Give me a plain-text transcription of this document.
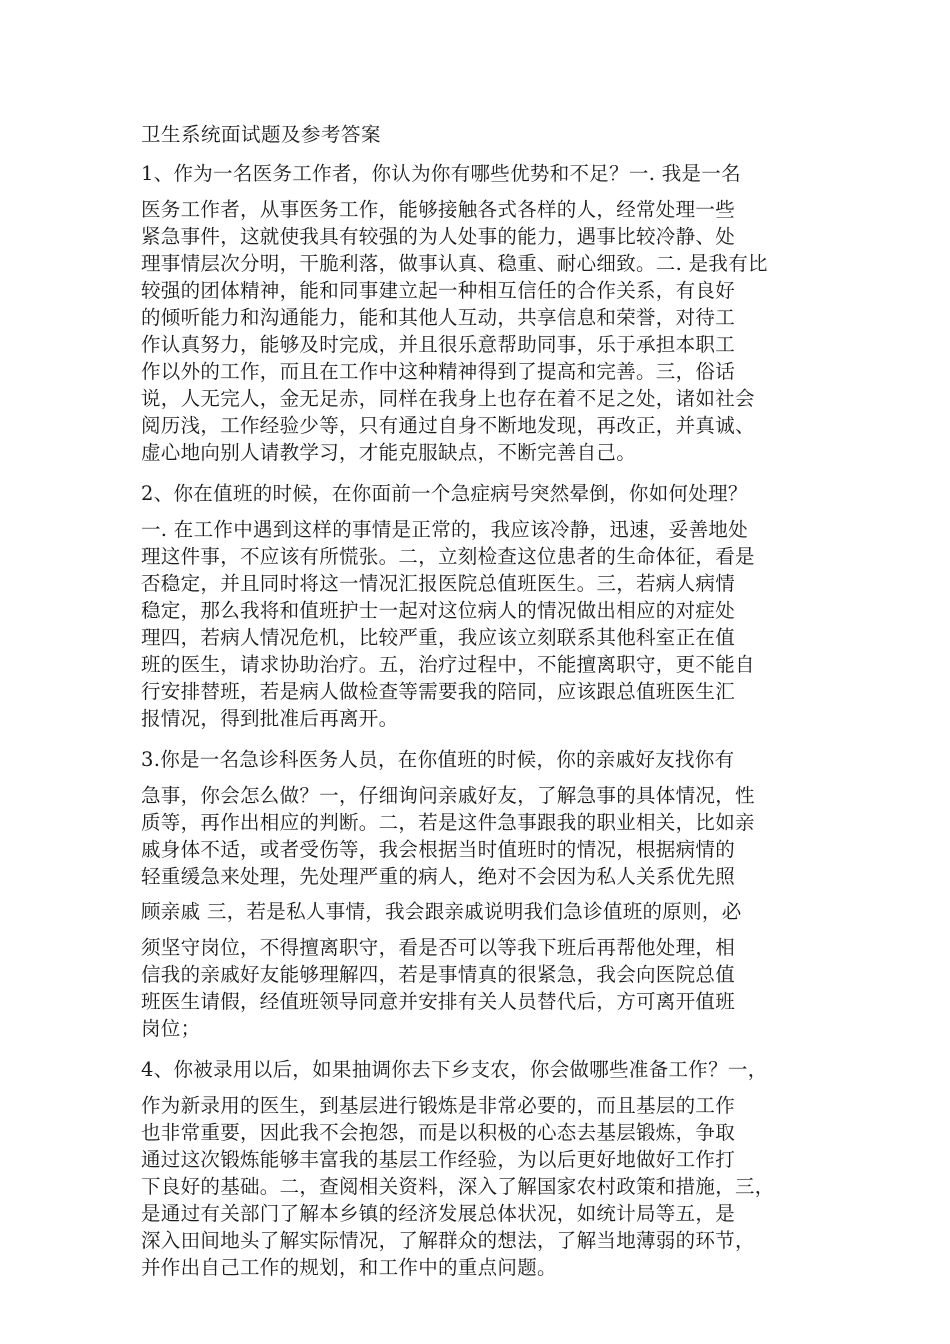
卫生系统面试题及参考答案
1、作为一名医务工作者，你认为你有哪些优势和不足？一. 我是一名
医务工作者，从事医务工作，能够接触各式各样的人，经常处理一些
紧急事件，这就使我具有较强的为人处事的能力，遇事比较冷静、处
理事情层次分明，干脆利落，做事认真、稳重、耐心细致。二. 是我有比
较强的团体精神，能和同事建立起一种相互信任的合作关系，有良好
的倾听能力和沟通能力，能和其他人互动，共享信息和荣誉，对待工
作认真努力，能够及时完成，并且很乐意帮助同事，乐于承担本职工
作以外的工作，而且在工作中这种精神得到了提高和完善。三，俗话
说，人无完人，金无足赤，同样在我身上也存在着不足之处，诸如社会
阅历浅，工作经验少等，只有通过自身不断地发现，再改正，并真诚、
虚心地向别人请教学习，才能克服缺点，不断完善自己。
2、你在值班的时候，在你面前一个急症病号突然晕倒，你如何处理？
一. 在工作中遇到这样的事情是正常的，我应该冷静，迅速，妥善地处
理这件事，不应该有所慌张。二，立刻检查这位患者的生命体征，看是
否稳定，并且同时将这一情况汇报医院总值班医生。三，若病人病情
稳定，那么我将和值班护士一起对这位病人的情况做出相应的对症处
理四，若病人情况危机，比较严重，我应该立刻联系其他科室正在值
班的医生，请求协助治疗。五，治疗过程中，不能擅离职守，更不能自
行安排替班，若是病人做检查等需要我的陪同，应该跟总值班医生汇
报情况，得到批准后再离开。
3.你是一名急诊科医务人员，在你值班的时候，你的亲戚好友找你有
急事，你会怎么做？一，仔细询问亲戚好友，了解急事的具体情况，性
质等，再作出相应的判断。二，若是这件急事跟我的职业相关，比如亲
戚身体不适，或者受伤等，我会根据当时值班时的情况，根据病情的
轻重缓急来处理，先处理严重的病人，绝对不会因为私人关系优先照
顾亲戚 三，若是私人事情，我会跟亲戚说明我们急诊值班的原则，必
须坚守岗位，不得擅离职守，看是否可以等我下班后再帮他处理，相
信我的亲戚好友能够理解四，若是事情真的很紧急，我会向医院总值
班医生请假，经值班领导同意并安排有关人员替代后，方可离开值班
岗位；
4、你被录用以后，如果抽调你去下乡支农，你会做哪些准备工作？一，
作为新录用的医生，到基层进行锻炼是非常必要的，而且基层的工作
也非常重要，因此我不会抱怨，而是以积极的心态去基层锻炼，争取
通过这次锻炼能够丰富我的基层工作经验，为以后更好地做好工作打
下良好的基础。二，查阅相关资料，深入了解国家农村政策和措施，三，
是通过有关部门了解本乡镇的经济发展总体状况，如统计局等五，是
深入田间地头了解实际情况，了解群众的想法，了解当地薄弱的环节，
并作出自己工作的规划，和工作中的重点问题。
